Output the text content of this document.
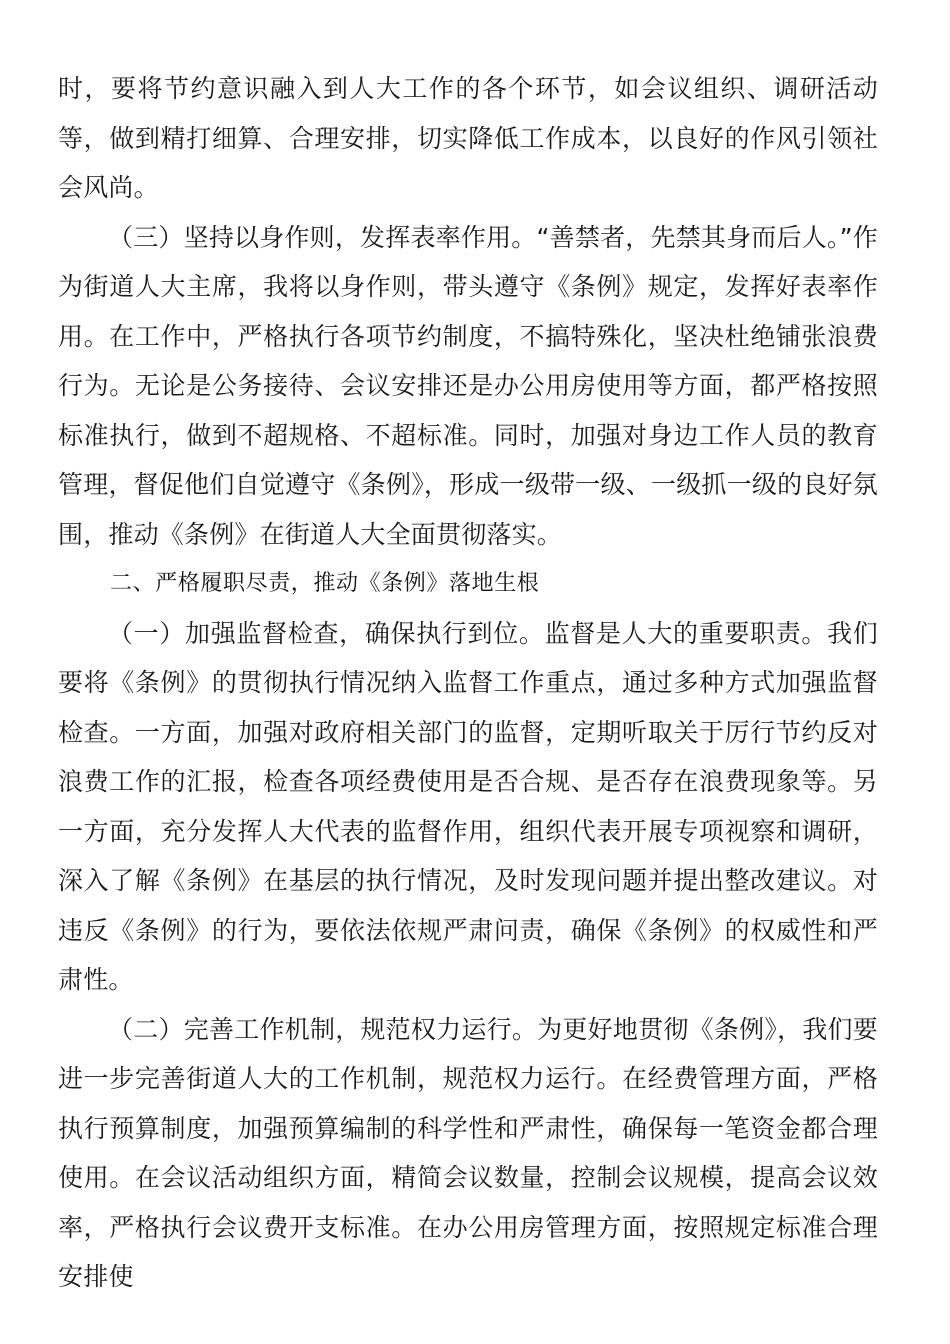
时，要将节约意识融入到人大工作的各个环节，如会议组织、调研活动等，做到精打细算、合理安排，切实降低工作成本，以良好的作风引领社会风尚。

（三）坚持以身作则，发挥表率作用。“善禁者，先禁其身而后人。”作为街道人大主席，我将以身作则，带头遵守《条例》规定，发挥好表率作用。在工作中，严格执行各项节约制度，不搞特殊化，坚决杜绝铺张浪费行为。无论是公务接待、会议安排还是办公用房使用等方面，都严格按照标准执行，做到不超规格、不超标准。同时，加强对身边工作人员的教育管理，督促他们自觉遵守《条例》，形成一级带一级、一级抓一级的良好氛围，推动《条例》在街道人大全面贯彻落实。

二、严格履职尽责，推动《条例》落地生根

（一）加强监督检查，确保执行到位。监督是人大的重要职责。我们要将《条例》的贯彻执行情况纳入监督工作重点，通过多种方式加强监督检查。一方面，加强对政府相关部门的监督，定期听取关于厉行节约反对浪费工作的汇报，检查各项经费使用是否合规、是否存在浪费现象等。另一方面，充分发挥人大代表的监督作用，组织代表开展专项视察和调研，深入了解《条例》在基层的执行情况，及时发现问题并提出整改建议。对违反《条例》的行为，要依法依规严肃问责，确保《条例》的权威性和严肃性。

（二）完善工作机制，规范权力运行。为更好地贯彻《条例》，我们要进一步完善街道人大的工作机制，规范权力运行。在经费管理方面，严格执行预算制度，加强预算编制的科学性和严肃性，确保每一笔资金都合理使用。在会议活动组织方面，精简会议数量，控制会议规模，提高会议效率，严格执行会议费开支标准。在办公用房管理方面，按照规定标准合理安排使
